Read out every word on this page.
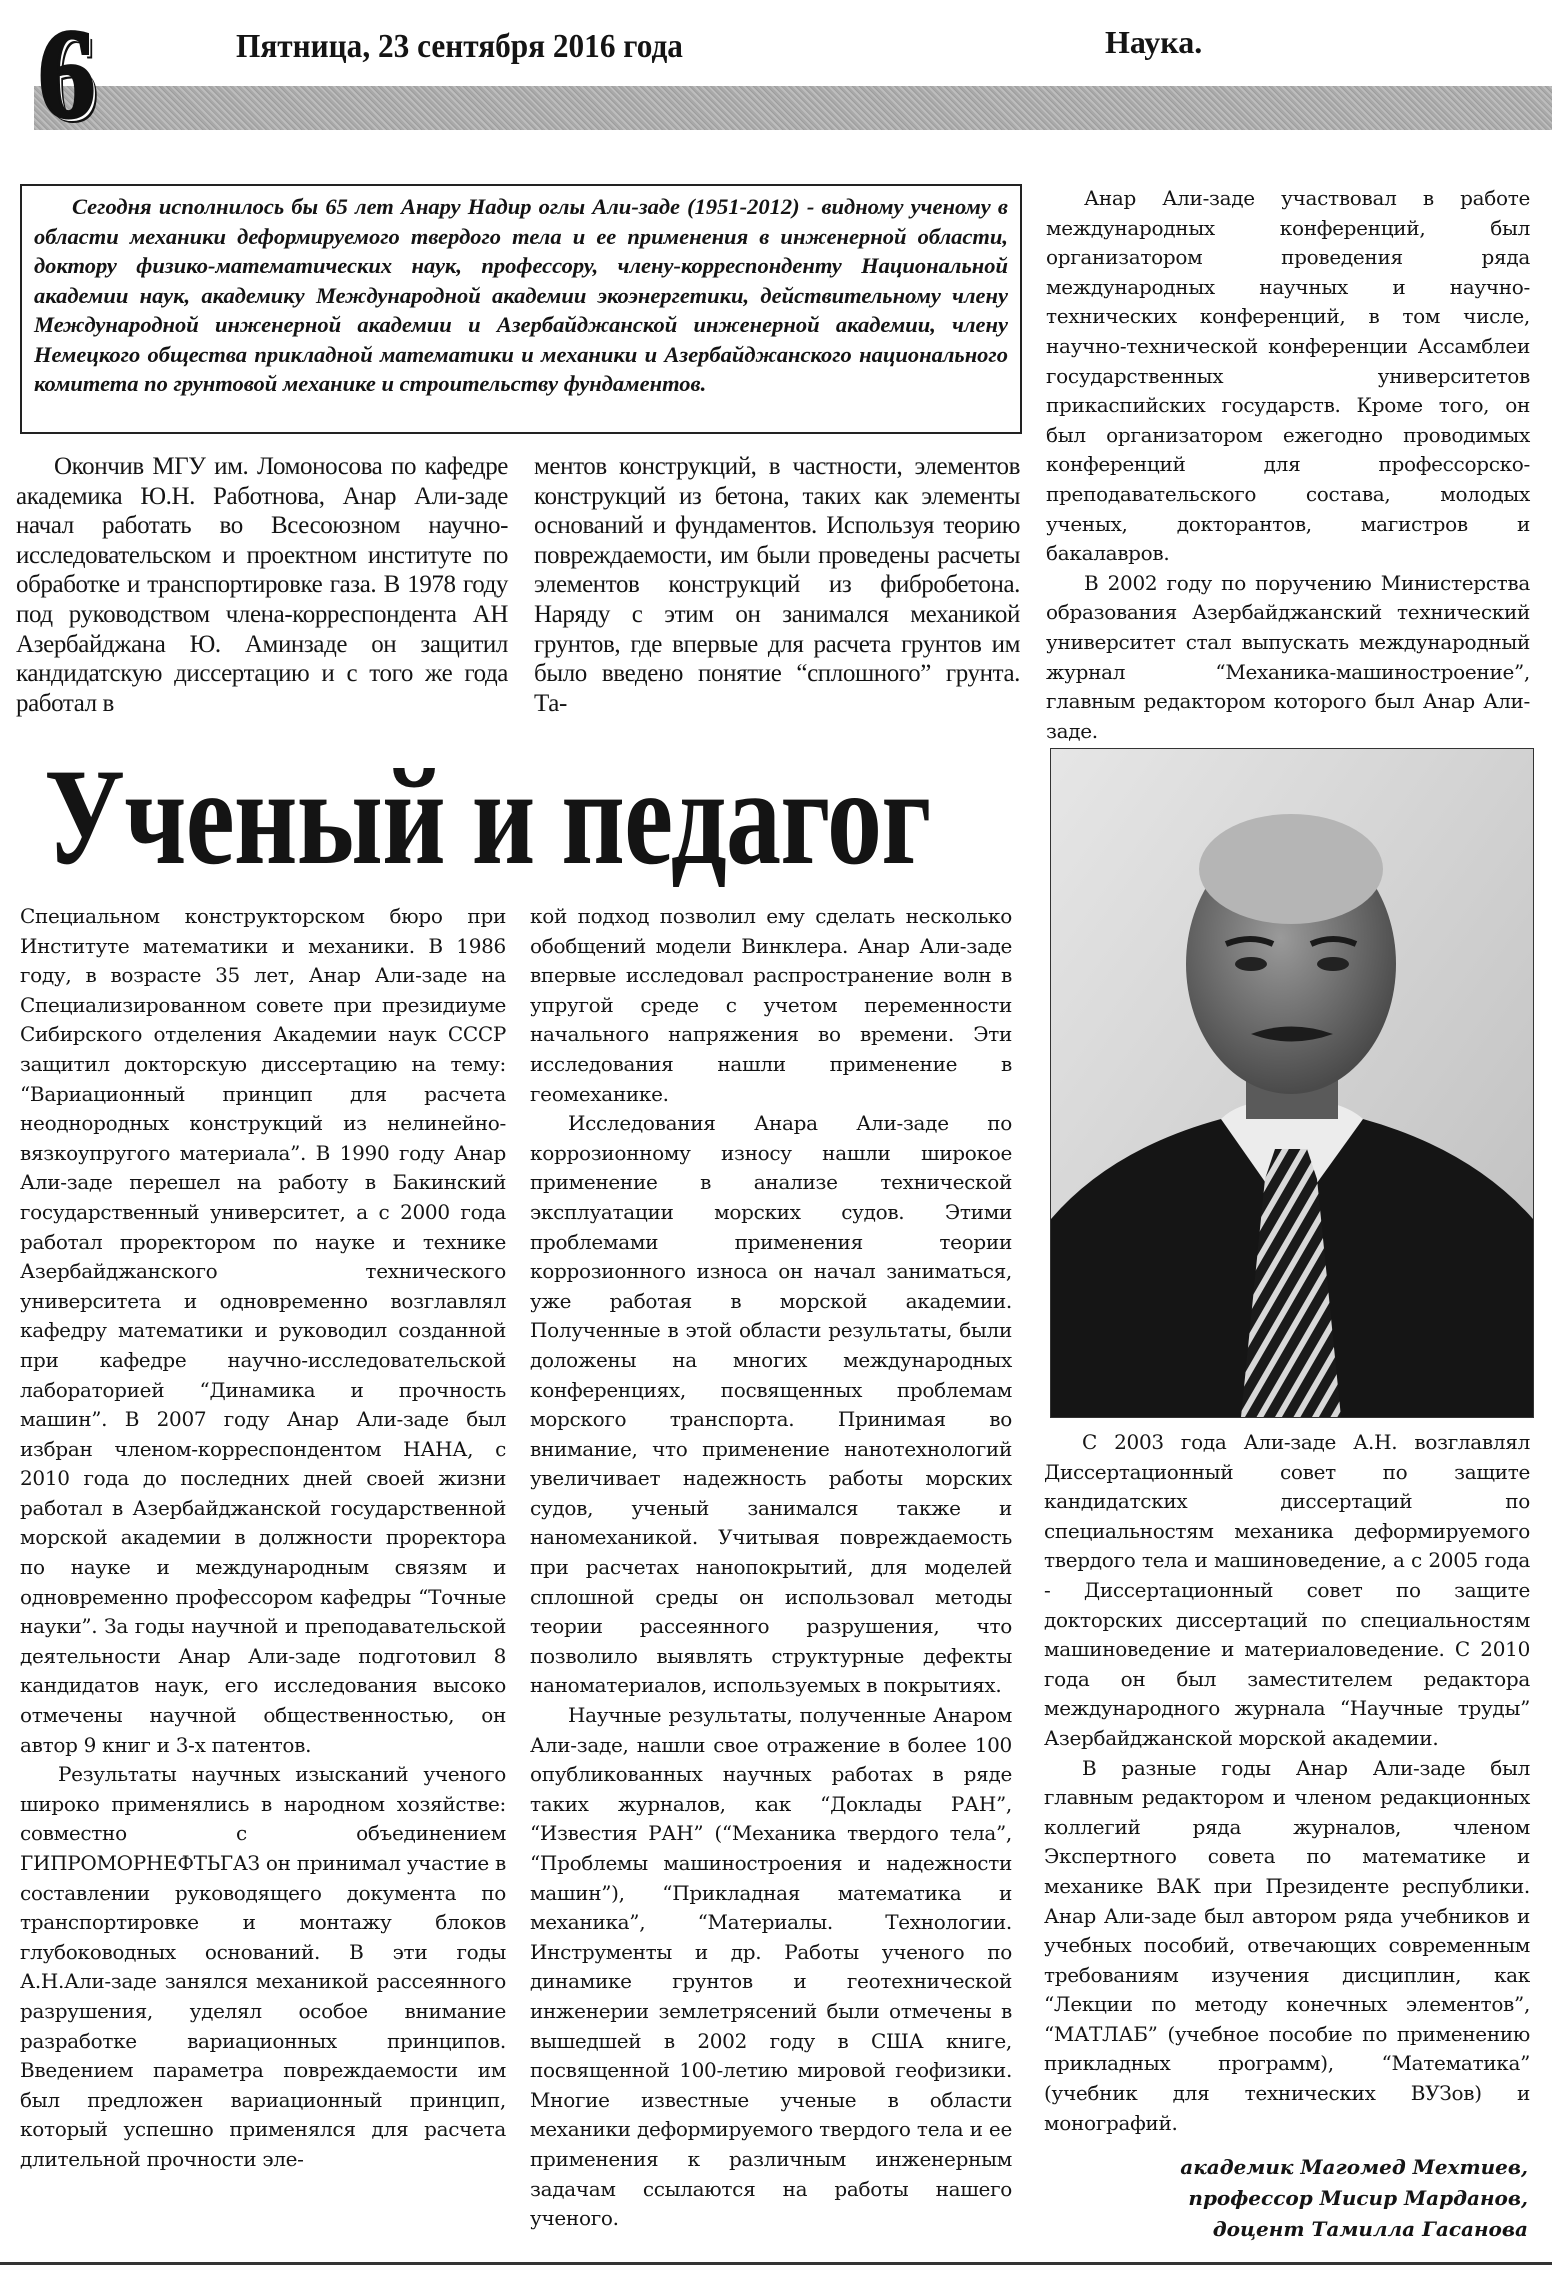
6	Пятница, 23 сентября 2016 года	Наука.
Сегодня исполнилось бы 65 лет Анару Надир оглы Али-заде (1951-2012) - видному ученому в области механики деформируемого твердого тела и ее применения в инженерной области, доктору физико-математических наук, профессору, члену-корреспонденту Национальной академии наук, академику Международной академии экоэнергетики, действительному члену Международной инженерной академии и Азербайджанской инженерной академии, члену Немецкого общества прикладной математики и механики и Азербайджанского национального комитета по грунтовой механике и строительству фундаментов.

Окончив МГУ им. Ломоносова по кафедре академика Ю.Н. Работнова, Анар Али-заде начал работать во Всесоюзном научно-исследовательском и проектном институте по обработке и транспортировке газа. В 1978 году под руководством члена-корреспондента АН Азербайджана Ю. Аминзаде он защитил кандидатскую диссертацию и с того же года работал в

ментов конструкций, в частности, элементов конструкций из бетона, таких как элементы оснований и фундаментов. Используя теорию повреждаемости, им были проведены расчеты элементов конструкций из фибробетона. Наряду с этим он занимался механикой грунтов, где впервые для расчета грунтов им было введено понятие “сплошного” грунта. Та-

Анар Али-заде участвовал в работе международных конференций, был организатором проведения ряда международных научных и научно-технических конференций, в том числе, научно-технической конференции Ассамблеи государственных университетов прикаспийских государств. Кроме того, он был организатором ежегодно проводимых конференций для профессорско-преподавательского состава, молодых ученых, докторантов, магистров и бакалавров.

В 2002 году по поручению Министерства образования Азербайджанский технический университет стал выпускать международный журнал “Механика-машиностроение”, главным редактором которого был Анар Али-заде.

Ученый и педагог

Специальном конструкторском бюро при Институте математики и механики. В 1986 году, в возрасте 35 лет, Анар Али-заде на Специализированном совете при президиуме Сибирского отделения Академии наук СССР защитил докторскую диссертацию на тему: “Вариационный принцип для расчета неоднородных конструкций из нелинейно-вязкоупругого материала”. В 1990 году Анар Али-заде перешел на работу в Бакинский государственный университет, а с 2000 года работал проректором по науке и технике Азербайджанского технического университета и одновременно возглавлял кафедру математики и руководил созданной при кафедре научно-исследовательской лабораторией “Динамика и прочность машин”. В 2007 году Анар Али-заде был избран членом-корреспондентом НАНА, с 2010 года до последних дней своей жизни работал в Азербайджанской государственной морской академии в должности проректора по науке и международным связям и одновременно профессором кафедры “Точные науки”. За годы научной и преподавательской деятельности Анар Али-заде подготовил 8 кандидатов наук, его исследования высоко отмечены научной общественностью, он автор 9 книг и 3-х патентов.

Результаты научных изысканий ученого широко применялись в народном хозяйстве: совместно с объединением ГИПРОМОРНЕФТЬГАЗ он принимал участие в составлении руководящего документа по транспортировке и монтажу блоков глубоководных оснований. В эти годы А.Н.Али-заде занялся механикой рассеянного разрушения, уделял особое внимание разработке вариационных принципов. Введением параметра повреждаемости им был предложен вариационный принцип, который успешно применялся для расчета длительной прочности эле-

кой подход позволил ему сделать несколько обобщений модели Винклера. Анар Али-заде впервые исследовал распространение волн в упругой среде с учетом переменности начального напряжения во времени. Эти исследования нашли применение в геомеханике.

Исследования Анара Али-заде по коррозионному износу нашли широкое применение в анализе технической эксплуатации морских судов. Этими проблемами применения теории коррозионного износа он начал заниматься, уже работая в морской академии. Полученные в этой области результаты, были доложены на многих международных конференциях, посвященных проблемам морского транспорта. Принимая во внимание, что применение нанотехнологий увеличивает надежность работы морских судов, ученый занимался также и наномеханикой. Учитывая повреждаемость при расчетах нанопокрытий, для моделей сплошной среды он использовал методы теории рассеянного разрушения, что позволило выявлять структурные дефекты наноматериалов, используемых в покрытиях.

Научные результаты, полученные Анаром Али-заде, нашли свое отражение в более 100 опубликованных научных работах в ряде таких журналов, как “Доклады РАН”, “Известия РАН” (“Механика твердого тела”, “Проблемы машиностроения и надежности машин”), “Прикладная математика и механика”, “Материалы. Технологии. Инструменты и др. Работы ученого по динамике грунтов и геотехнической инженерии землетрясений были отмечены в вышедшей в 2002 году в США книге, посвященной 100-летию мировой геофизики. Многие известные ученые в области механики деформируемого твердого тела и ее применения к различным инженерным задачам ссылаются на работы нашего ученого.

С 2003 года Али-заде А.Н. возглавлял Диссертационный совет по защите кандидатских диссертаций по специальностям механика деформируемого твердого тела и машиноведение, а с 2005 года - Диссертационный совет по защите докторских диссертаций по специальностям машиноведение и материаловедение. С 2010 года он был заместителем редактора международного журнала “Научные труды” Азербайджанской морской академии.

В разные годы Анар Али-заде был главным редактором и членом редакционных коллегий ряда журналов, членом Экспертного совета по математике и механике ВАК при Президенте республики. Анар Али-заде был автором ряда учебников и учебных пособий, отвечающих современным требованиям изучения дисциплин, как “Лекции по методу конечных элементов”, “МАТЛАБ” (учебное пособие по применению прикладных программ), “Математика” (учебник для технических ВУЗов) и монографий.

академик Магомед Мехтиев,
профессор Мисир Марданов,
доцент Тамилла Гасанова
